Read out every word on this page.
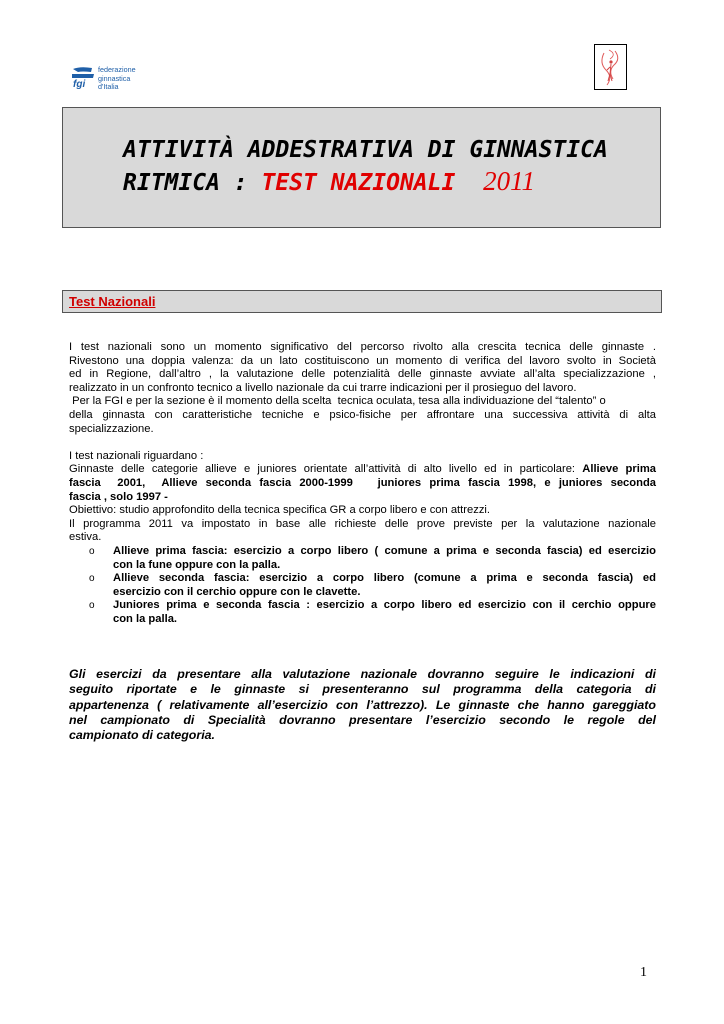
fgi
federazione
ginnastica
d'Italia
ATTIVITÀ ADDESTRATIVA DI GINNASTICA
RITMICA : TEST NAZIONALI 2011
Test Nazionali

I test nazionali sono un momento significativo del percorso rivolto alla crescita tecnica delle ginnaste .

Rivestono una doppia valenza: da un lato costituiscono un momento di verifica del lavoro svolto in Società

ed in Regione, dall’altro , la valutazione delle potenzialità delle ginnaste avviate all’alta specializzazione ,

realizzato in un confronto tecnico a livello nazionale da cui trarre indicazioni per il prosieguo del lavoro.

Per la FGI e per la sezione è il momento della scelta  tecnica oculata, tesa alla individuazione del “talento” o

della ginnasta con caratteristiche tecniche e psico-fisiche per affrontare una successiva attività di alta

specializzazione.

I test nazionali riguardano :

Ginnaste delle categorie allieve e juniores orientate all’attività di alto livello ed in particolare: Allieve prima

fascia  2001,  Allieve seconda fascia 2000-1999   juniores prima fascia 1998, e juniores seconda

fascia , solo 1997 -

Obiettivo: studio approfondito della tecnica specifica GR a corpo libero e con attrezzi.

Il programma 2011 va impostato in base alle richieste delle prove previste per la valutazione nazionale

estiva.

o Allieve prima fascia: esercizio a corpo libero ( comune a prima e seconda fascia) ed esercizio
con la fune oppure con la palla.
o Allieve seconda fascia: esercizio a corpo libero (comune a prima e seconda fascia) ed
esercizio con il cerchio oppure con le clavette.
o Juniores prima e seconda fascia : esercizio a corpo libero ed esercizio con il cerchio oppure
con la palla.
Gli esercizi da presentare alla valutazione nazionale dovranno seguire le indicazioni di
seguito riportate e le ginnaste si presenteranno sul programma della categoria di
appartenenza ( relativamente all’esercizio con l’attrezzo). Le ginnaste che hanno gareggiato
nel campionato di Specialità dovranno presentare l’esercizio secondo le regole del
campionato di categoria.
1
